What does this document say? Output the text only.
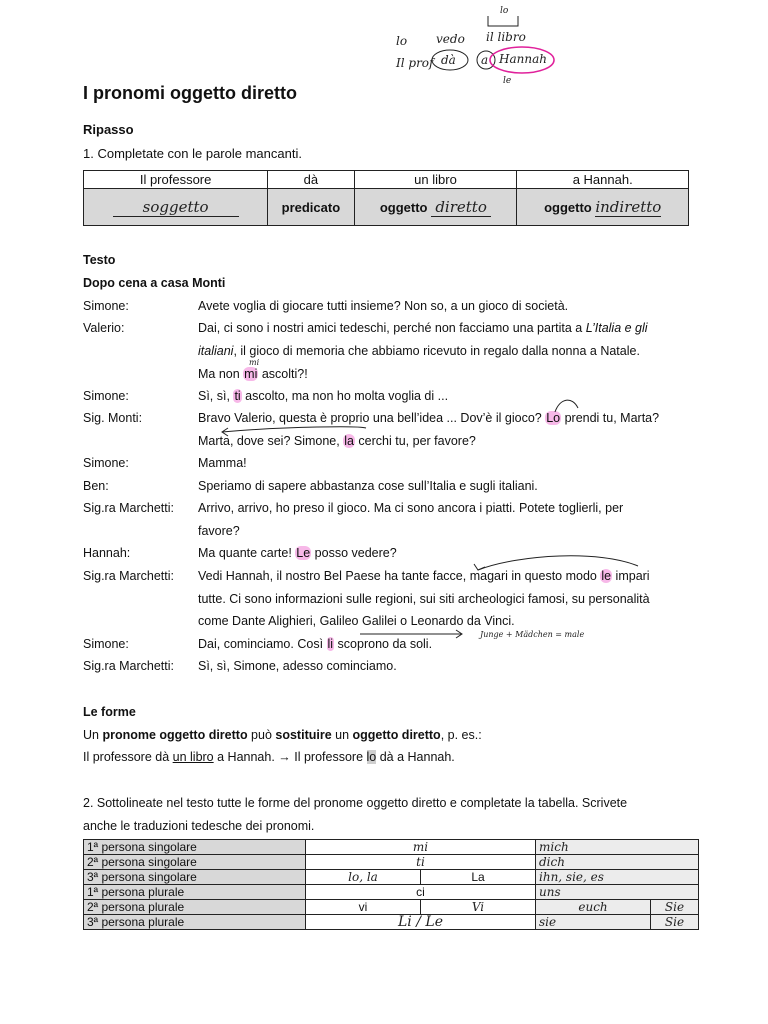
lo
lo vedo il libro
Il prof dà a Hannah
le
I pronomi oggetto diretto
Ripasso
1. Completate con le parole mancanti.
Il professore	dà	un libro	a Hannah.
soggetto	predicato	oggetto diretto	oggetto indiretto
Testo
Dopo cena a casa Monti
Simone:	Avete voglia di giocare tutti insieme? Non so, a un gioco di società.
Valerio:	Dai, ci sono i nostri amici tedeschi, perché non facciamo una partita a L’Italia e gli
italiani, il gioco di memoria che abbiamo ricevuto in regalo dalla nonna a Natale.
Ma non mi ascolti?!
mi
Simone:	Sì, sì, ti ascolto, ma non ho molta voglia di ...
Sig. Monti:	Bravo Valerio, questa è proprio una bell’idea ... Dov’è il gioco? Lo prendi tu, Marta?
Marta, dove sei? Simone, la cerchi tu, per favore?
Simone:	Mamma!
Ben:	Speriamo di sapere abbastanza cose sull’Italia e sugli italiani.
Sig.ra Marchetti: Arrivo, arrivo, ho preso il gioco. Ma ci sono ancora i piatti. Potete toglierli, per
favore?
Hannah:	Ma quante carte! Le posso vedere?
Sig.ra Marchetti: Vedi Hannah, il nostro Bel Paese ha tante facce, magari in questo modo le impari
tutte. Ci sono informazioni sulle regioni, sui siti archeologici famosi, su personalità
come Dante Alighieri, Galileo Galilei o Leonardo da Vinci.
Simone:	Dai, cominciamo. Così li scoprono da soli.
Junge + Mädchen = male
Sig.ra Marchetti: Sì, sì, Simone, adesso cominciamo.
Le forme
Un pronome oggetto diretto può sostituire un oggetto diretto, p. es.:
Il professore dà un libro a Hannah. → Il professore lo dà a Hannah.
2. Sottolineate nel testo tutte le forme del pronome oggetto diretto e completate la tabella. Scrivete
anche le traduzioni tedesche dei pronomi.
1ª persona singolare	mi		mich	
2ª persona singolare	ti		dich	
3ª persona singolare	lo, la	La	ihn, sie, es	
1ª persona plurale	ci		uns	
2ª persona plurale	vi	Vi	euch	Sie
3ª persona plurale	Li / Le		sie	Sie
